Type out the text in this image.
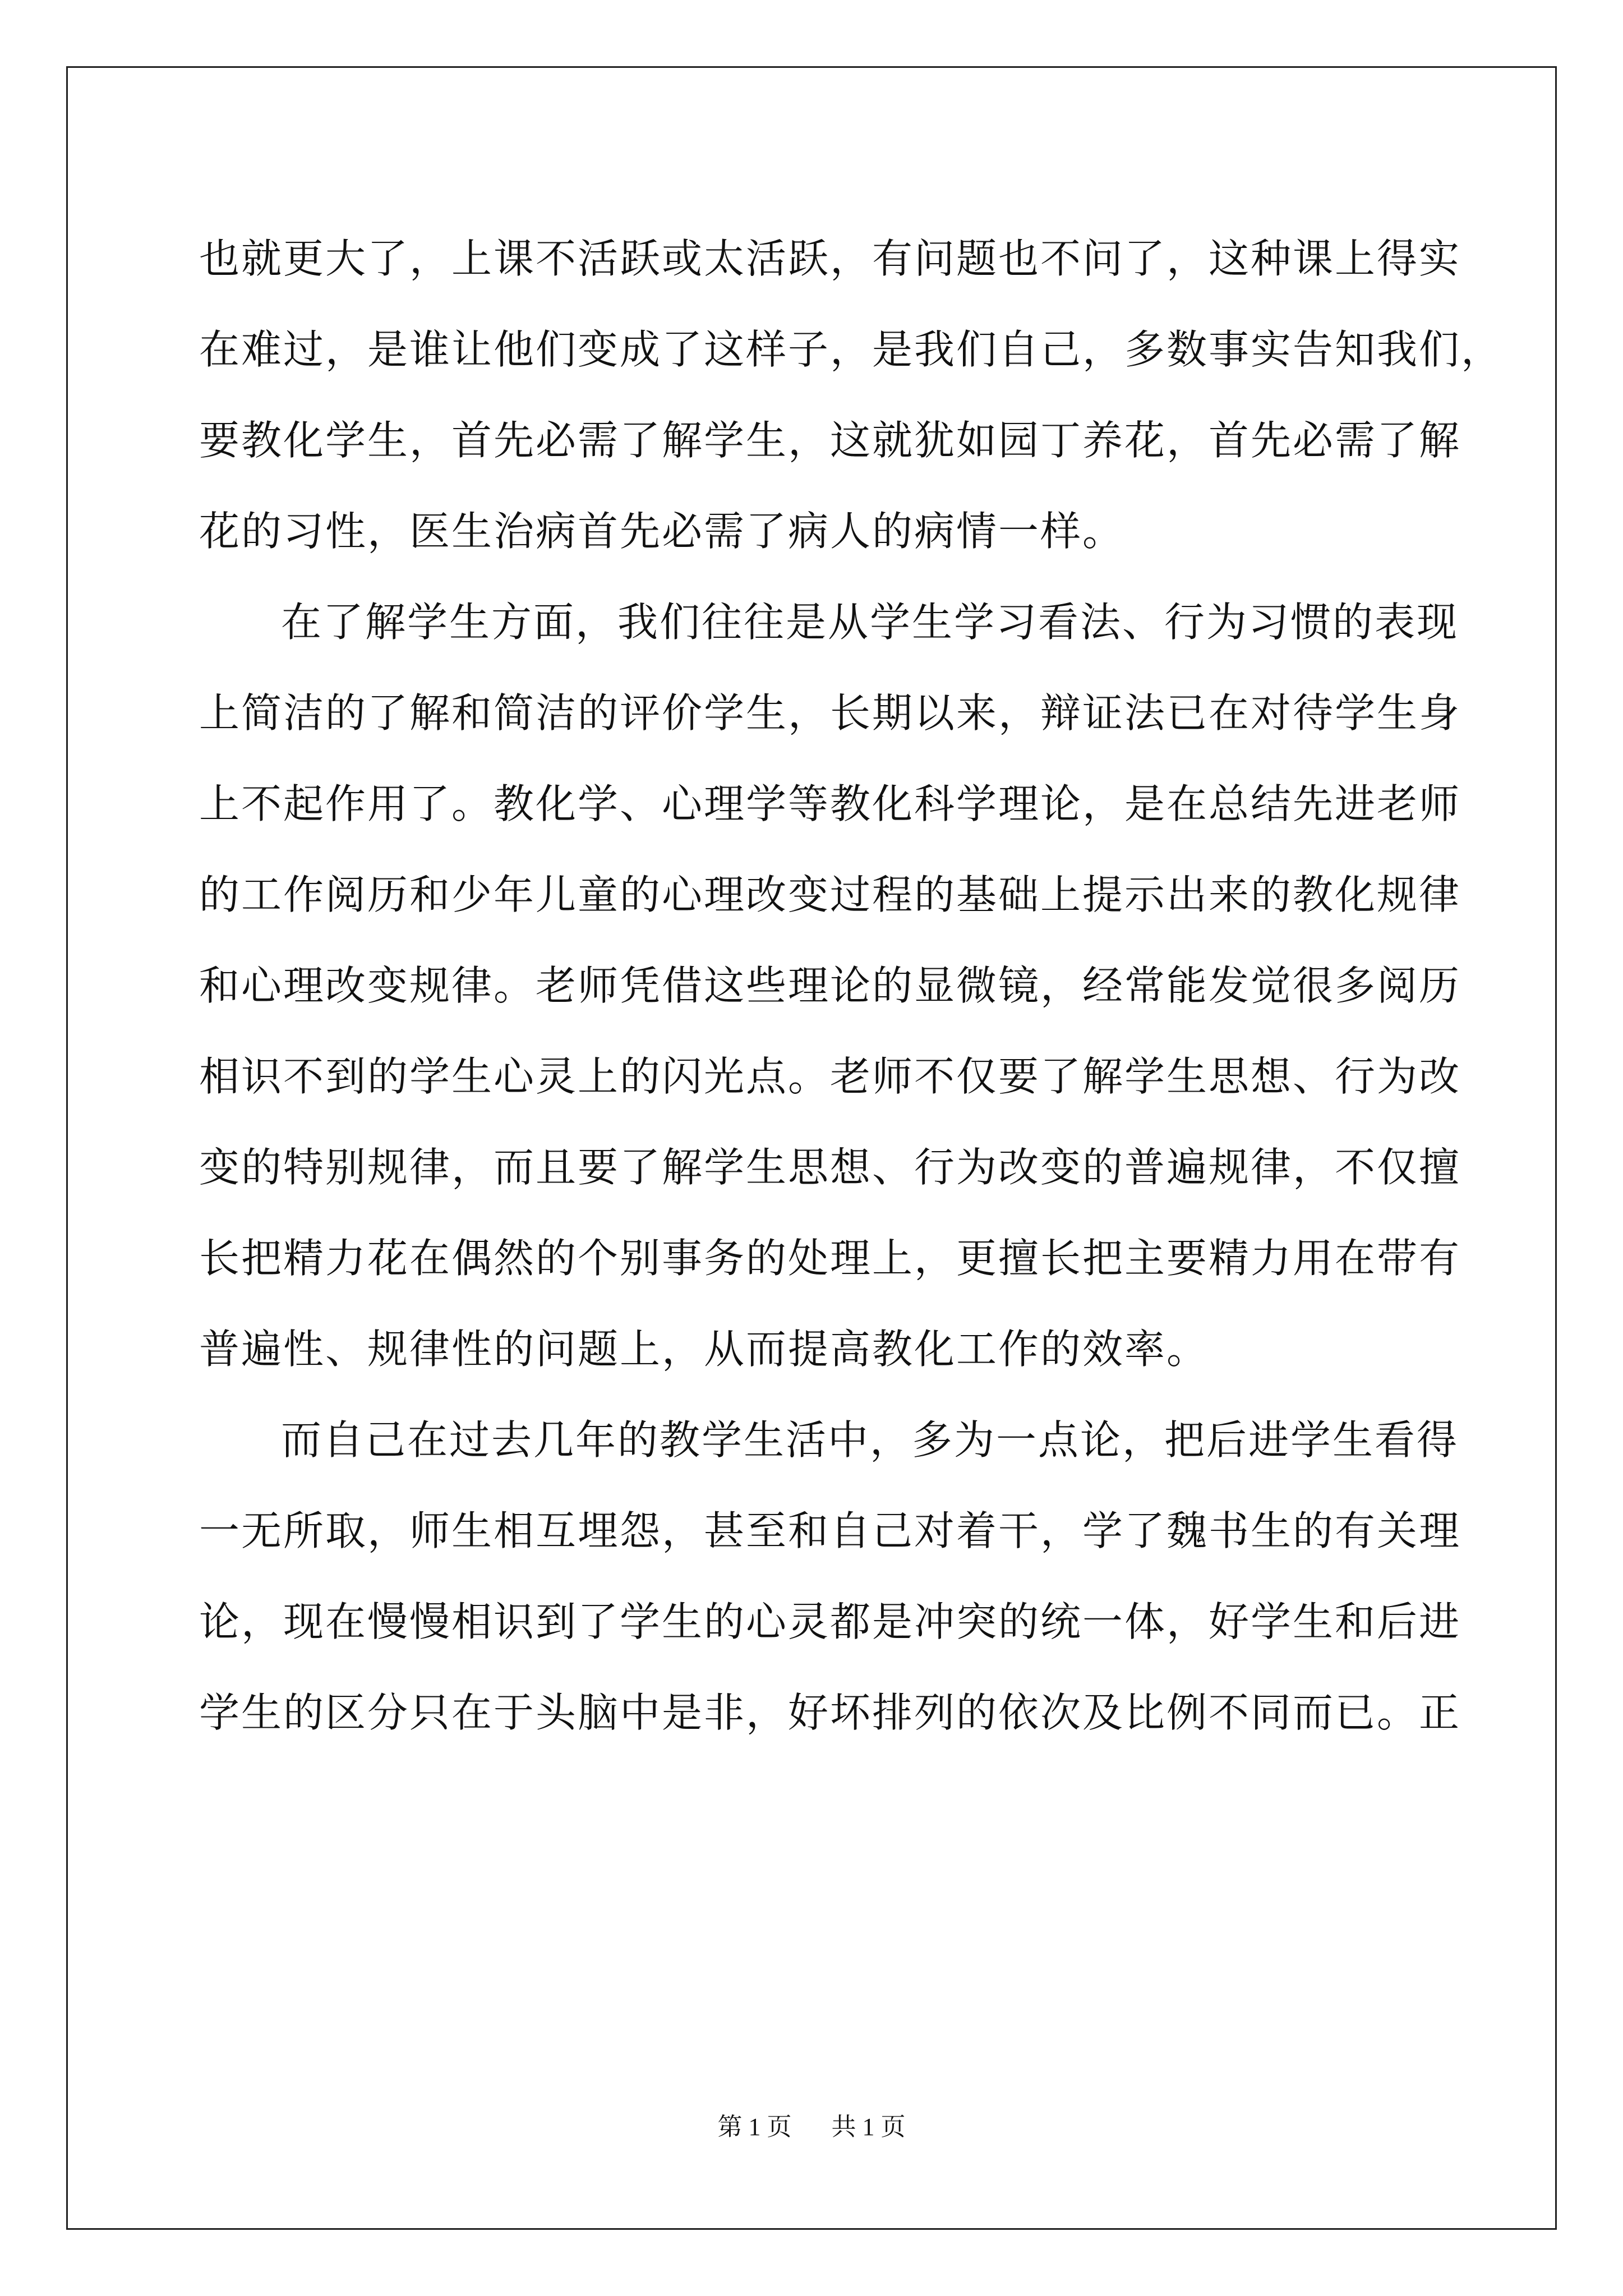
也就更大了，上课不活跃或太活跃，有问题也不问了，这种课上得实
在难过，是谁让他们变成了这样子，是我们自己，多数事实告知我们，
要教化学生，首先必需了解学生，这就犹如园丁养花，首先必需了解
花的习性，医生治病首先必需了病人的病情一样。
在了解学生方面，我们往往是从学生学习看法、行为习惯的表现
上简洁的了解和简洁的评价学生，长期以来，辩证法已在对待学生身
上不起作用了。教化学、心理学等教化科学理论，是在总结先进老师
的工作阅历和少年儿童的心理改变过程的基础上提示出来的教化规律
和心理改变规律。老师凭借这些理论的显微镜，经常能发觉很多阅历
相识不到的学生心灵上的闪光点。老师不仅要了解学生思想、行为改
变的特别规律，而且要了解学生思想、行为改变的普遍规律，不仅擅
长把精力花在偶然的个别事务的处理上，更擅长把主要精力用在带有
普遍性、规律性的问题上，从而提高教化工作的效率。
而自己在过去几年的教学生活中，多为一点论，把后进学生看得
一无所取，师生相互埋怨，甚至和自己对着干，学了魏书生的有关理
论，现在慢慢相识到了学生的心灵都是冲突的统一体，好学生和后进
学生的区分只在于头脑中是非，好坏排列的依次及比例不同而已。正
第 1 页 共 1 页
